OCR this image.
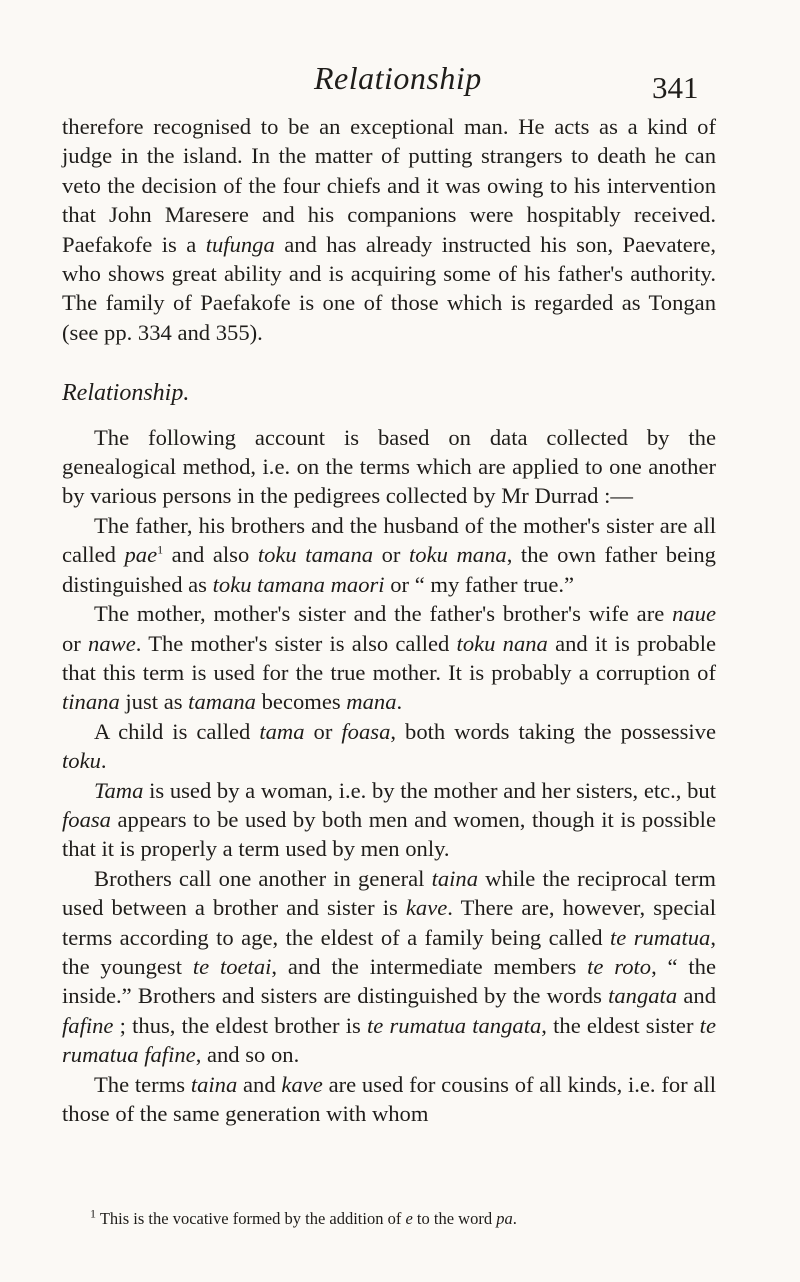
Relationship	341

therefore recognised to be an exceptional man. He acts as a kind of judge in the island. In the matter of putting strangers to death he can veto the decision of the four chiefs and it was owing to his intervention that John Maresere and his companions were hospitably received. Paefakofe is a tufunga and has already instructed his son, Paevatere, who shows great ability and is acquiring some of his father's authority. The family of Paefakofe is one of those which is regarded as Tongan (see pp. 334 and 355).

Relationship.

The following account is based on data collected by the genealogical method, i.e. on the terms which are applied to one another by various persons in the pedigrees collected by Mr Durrad :—

The father, his brothers and the husband of the mother's sister are all called pae$^1$ and also toku tamana or toku mana, the own father being distinguished as toku tamana maori or “ my father true.”

The mother, mother's sister and the father's brother's wife are naue or nawe. The mother's sister is also called toku nana and it is probable that this term is used for the true mother. It is probably a corruption of tinana just as tamana becomes mana.

A child is called tama or foasa, both words taking the possessive toku.

Tama is used by a woman, i.e. by the mother and her sisters, etc., but foasa appears to be used by both men and women, though it is possible that it is properly a term used by men only.

Brothers call one another in general taina while the reciprocal term used between a brother and sister is kave. There are, however, special terms according to age, the eldest of a family being called te rumatua, the youngest te toetai, and the intermediate members te roto, “ the inside.” Brothers and sisters are distinguished by the words tangata and fafine ; thus, the eldest brother is te rumatua tangata, the eldest sister te rumatua fafine, and so on.

The terms taina and kave are used for cousins of all kinds, i.e. for all those of the same generation with whom

$^1$ This is the vocative formed by the addition of e to the word pa.
